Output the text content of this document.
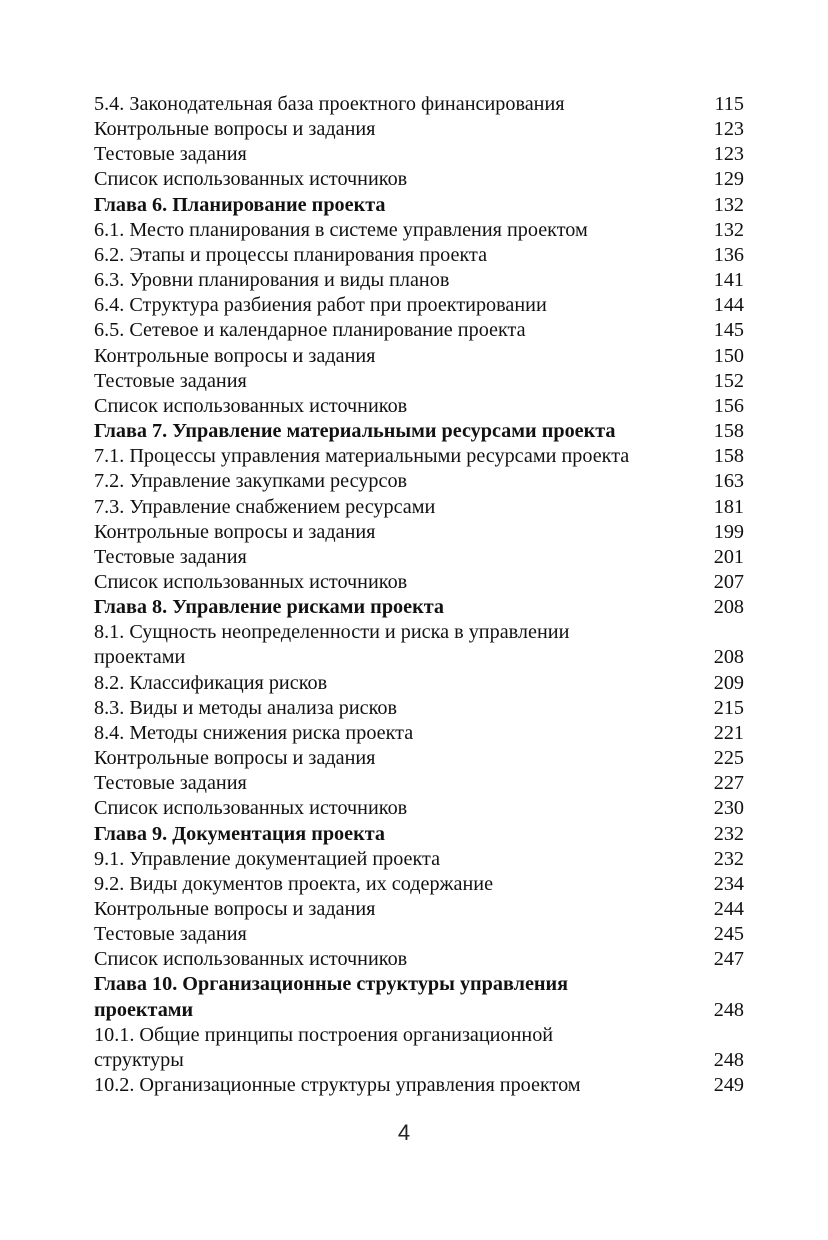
5.4. Законодательная база проектного финансирования	115
Контрольные вопросы и задания	123
Тестовые задания	123
Список использованных источников	129
Глава 6. Планирование проекта	132
6.1. Место планирования в системе управления проектом	132
6.2. Этапы и процессы планирования проекта	136
6.3. Уровни планирования и виды планов	141
6.4. Структура разбиения работ при проектировании	144
6.5. Сетевое и календарное планирование проекта	145
Контрольные вопросы и задания	150
Тестовые задания	152
Список использованных источников	156
Глава 7. Управление материальными ресурсами проекта	158
7.1. Процессы управления материальными ресурсами проекта	158
7.2. Управление закупками ресурсов	163
7.3. Управление снабжением ресурсами	181
Контрольные вопросы и задания	199
Тестовые задания	201
Список использованных источников	207
Глава 8. Управление рисками проекта	208
8.1. Сущность неопределенности и риска в управлении проектами	208
8.2. Классификация рисков	209
8.3. Виды и методы анализа рисков	215
8.4. Методы снижения риска проекта	221
Контрольные вопросы и задания	225
Тестовые задания	227
Список использованных источников	230
Глава 9. Документация проекта	232
9.1. Управление документацией проекта	232
9.2. Виды документов проекта, их содержание	234
Контрольные вопросы и задания	244
Тестовые задания	245
Список использованных источников	247
Глава 10. Организационные структуры управления проектами	248
10.1. Общие принципы построения организационной структуры	248
10.2. Организационные структуры управления проектом	249
4
